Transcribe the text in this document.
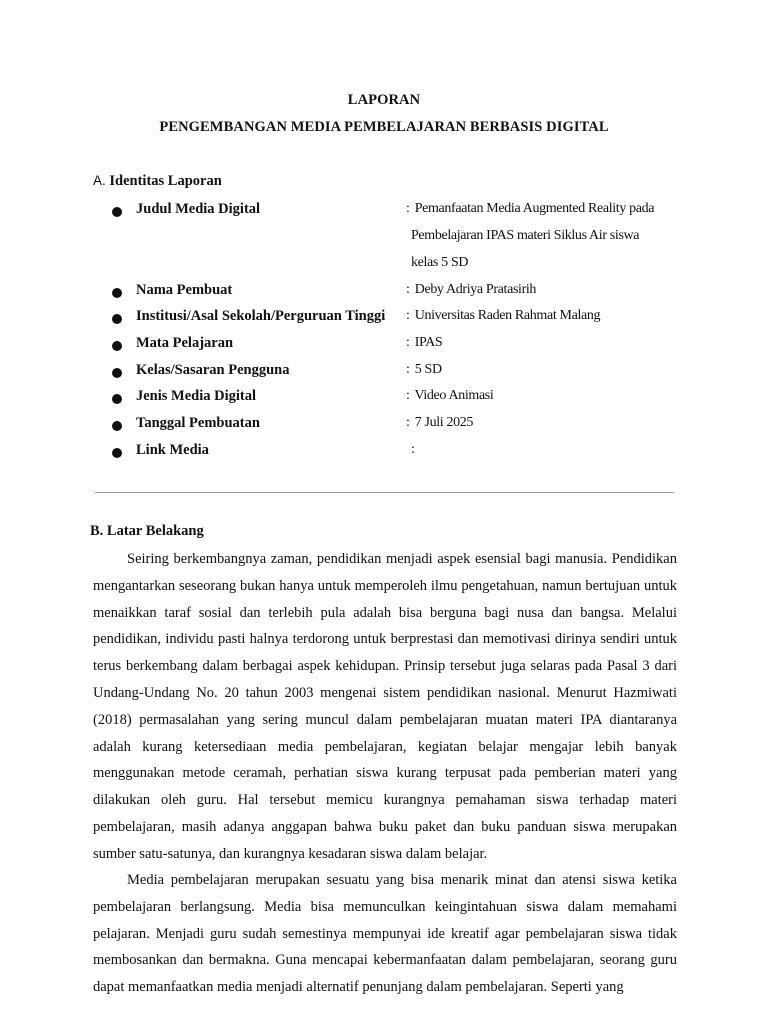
LAPORAN
PENGEMBANGAN MEDIA PEMBELAJARAN BERBASIS DIGITAL
A. Identitas Laporan
Judul Media Digital	: Pemanfaatan Media Augmented Reality pada
Pembelajaran IPAS materi Siklus Air siswa
kelas 5 SD
Nama Pembuat	: Deby Adriya Pratasirih
Institusi/Asal Sekolah/Perguruan Tinggi : Universitas Raden Rahmat Malang
Mata Pelajaran	: IPAS
Kelas/Sasaran Pengguna	: 5 SD
Jenis Media Digital	: Video Animasi
Tanggal Pembuatan	: 7 Juli 2025
Link Media	:
B. Latar Belakang

Seiring berkembangnya zaman, pendidikan menjadi aspek esensial bagi manusia. Pendidikan mengantarkan seseorang bukan hanya untuk memperoleh ilmu pengetahuan, namun bertujuan untuk menaikkan taraf sosial dan terlebih pula adalah bisa berguna bagi nusa dan bangsa. Melalui pendidikan, individu pasti halnya terdorong untuk berprestasi dan memotivasi dirinya sendiri untuk terus berkembang dalam berbagai aspek kehidupan. Prinsip tersebut juga selaras pada Pasal 3 dari Undang-Undang No. 20 tahun 2003 mengenai sistem pendidikan nasional. Menurut Hazmiwati (2018) permasalahan yang sering muncul dalam pembelajaran muatan materi IPA diantaranya adalah kurang ketersediaan media pembelajaran, kegiatan belajar mengajar lebih banyak menggunakan metode ceramah, perhatian siswa kurang terpusat pada pemberian materi yang dilakukan oleh guru. Hal tersebut memicu kurangnya pemahaman siswa terhadap materi pembelajaran, masih adanya anggapan bahwa buku paket dan buku panduan siswa merupakan sumber satu-satunya, dan kurangnya kesadaran siswa dalam belajar.

Media pembelajaran merupakan sesuatu yang bisa menarik minat dan atensi siswa ketika pembelajaran berlangsung. Media bisa memunculkan keingintahuan siswa dalam memahami pelajaran. Menjadi guru sudah semestinya mempunyai ide kreatif agar pembelajaran siswa tidak membosankan dan bermakna. Guna mencapai kebermanfaatan dalam pembelajaran, seorang guru dapat memanfaatkan media menjadi alternatif penunjang dalam pembelajaran. Seperti yang
